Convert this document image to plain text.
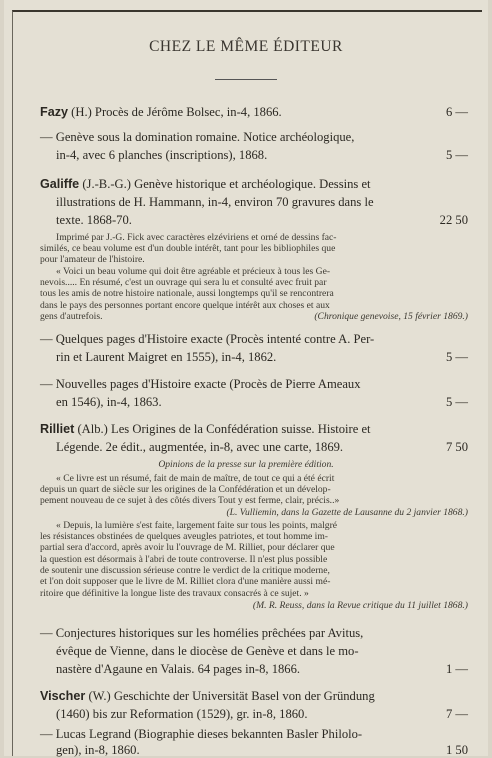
CHEZ LE MÊME ÉDITEUR
Fazy (H.) Procès de Jérôme Bolsec, in-4, 1866.	6 —
— Genève sous la domination romaine. Notice archéologique,
in-4, avec 6 planches (inscriptions), 1868.	5 —
Galiffe (J.-B.-G.) Genève historique et archéologique. Dessins et
illustrations de H. Hammann, in-4, environ 70 gravures dans le
texte. 1868-70.	22 50
Imprimé par J.-G. Fick avec caractères elzéviriens et orné de dessins fac-
similés, ce beau volume est d'un double intérêt, tant pour les bibliophiles que
pour l'amateur de l'histoire.
« Voici un beau volume qui doit être agréable et précieux à tous les Ge-
nevois..... En résumé, c'est un ouvrage qui sera lu et consulté avec fruit par
tous les amis de notre histoire nationale, aussi longtemps qu'il se rencontrera
dans le pays des personnes portant encore quelque intérêt aux choses et aux
gens d'autrefois.	(Chronique genevoise, 15 février 1869.)
— Quelques pages d'Histoire exacte (Procès intenté contre A. Per-
rin et Laurent Maigret en 1555), in-4, 1862.	5 —
— Nouvelles pages d'Histoire exacte (Procès de Pierre Ameaux
en 1546), in-4, 1863.	5 —
Rilliet (Alb.) Les Origines de la Confédération suisse. Histoire et
Légende. 2e édit., augmentée, in-8, avec une carte, 1869.	7 50
Opinions de la presse sur la première édition.
« Ce livre est un résumé, fait de main de maître, de tout ce qui a été écrit
depuis un quart de siècle sur les origines de la Confédération et un dévelop-
pement nouveau de ce sujet à des côtés divers Tout y est ferme, clair, précis..»
(L. Vulliemin, dans la Gazette de Lausanne du 2 janvier 1868.)
« Depuis, la lumière s'est faite, largement faite sur tous les points, malgré
les résistances obstinées de quelques aveugles patriotes, et tout homme im-
partial sera d'accord, après avoir lu l'ouvrage de M. Rilliet, pour déclarer que
la question est désormais à l'abri de toute controverse. Il n'est plus possible
de soutenir une discussion sérieuse contre le verdict de la critique moderne,
et l'on doit supposer que le livre de M. Rilliet clora d'une manière aussi mé-
ritoire que définitive la longue liste des travaux consacrés à ce sujet. »
(M. R. Reuss, dans la Revue critique du 11 juillet 1868.)
— Conjectures historiques sur les homélies prêchées par Avitus,
évêque de Vienne, dans le diocèse de Genève et dans le mo-
nastère d'Agaune en Valais. 64 pages in-8, 1866.	1 —
Vischer (W.) Geschichte der Universität Basel von der Gründung
(1460) bis zur Reformation (1529), gr. in-8, 1860.	7 —
— Lucas Legrand (Biographie dieses bekannten Basler Philolo-
gen), in-8, 1860.	1 50
